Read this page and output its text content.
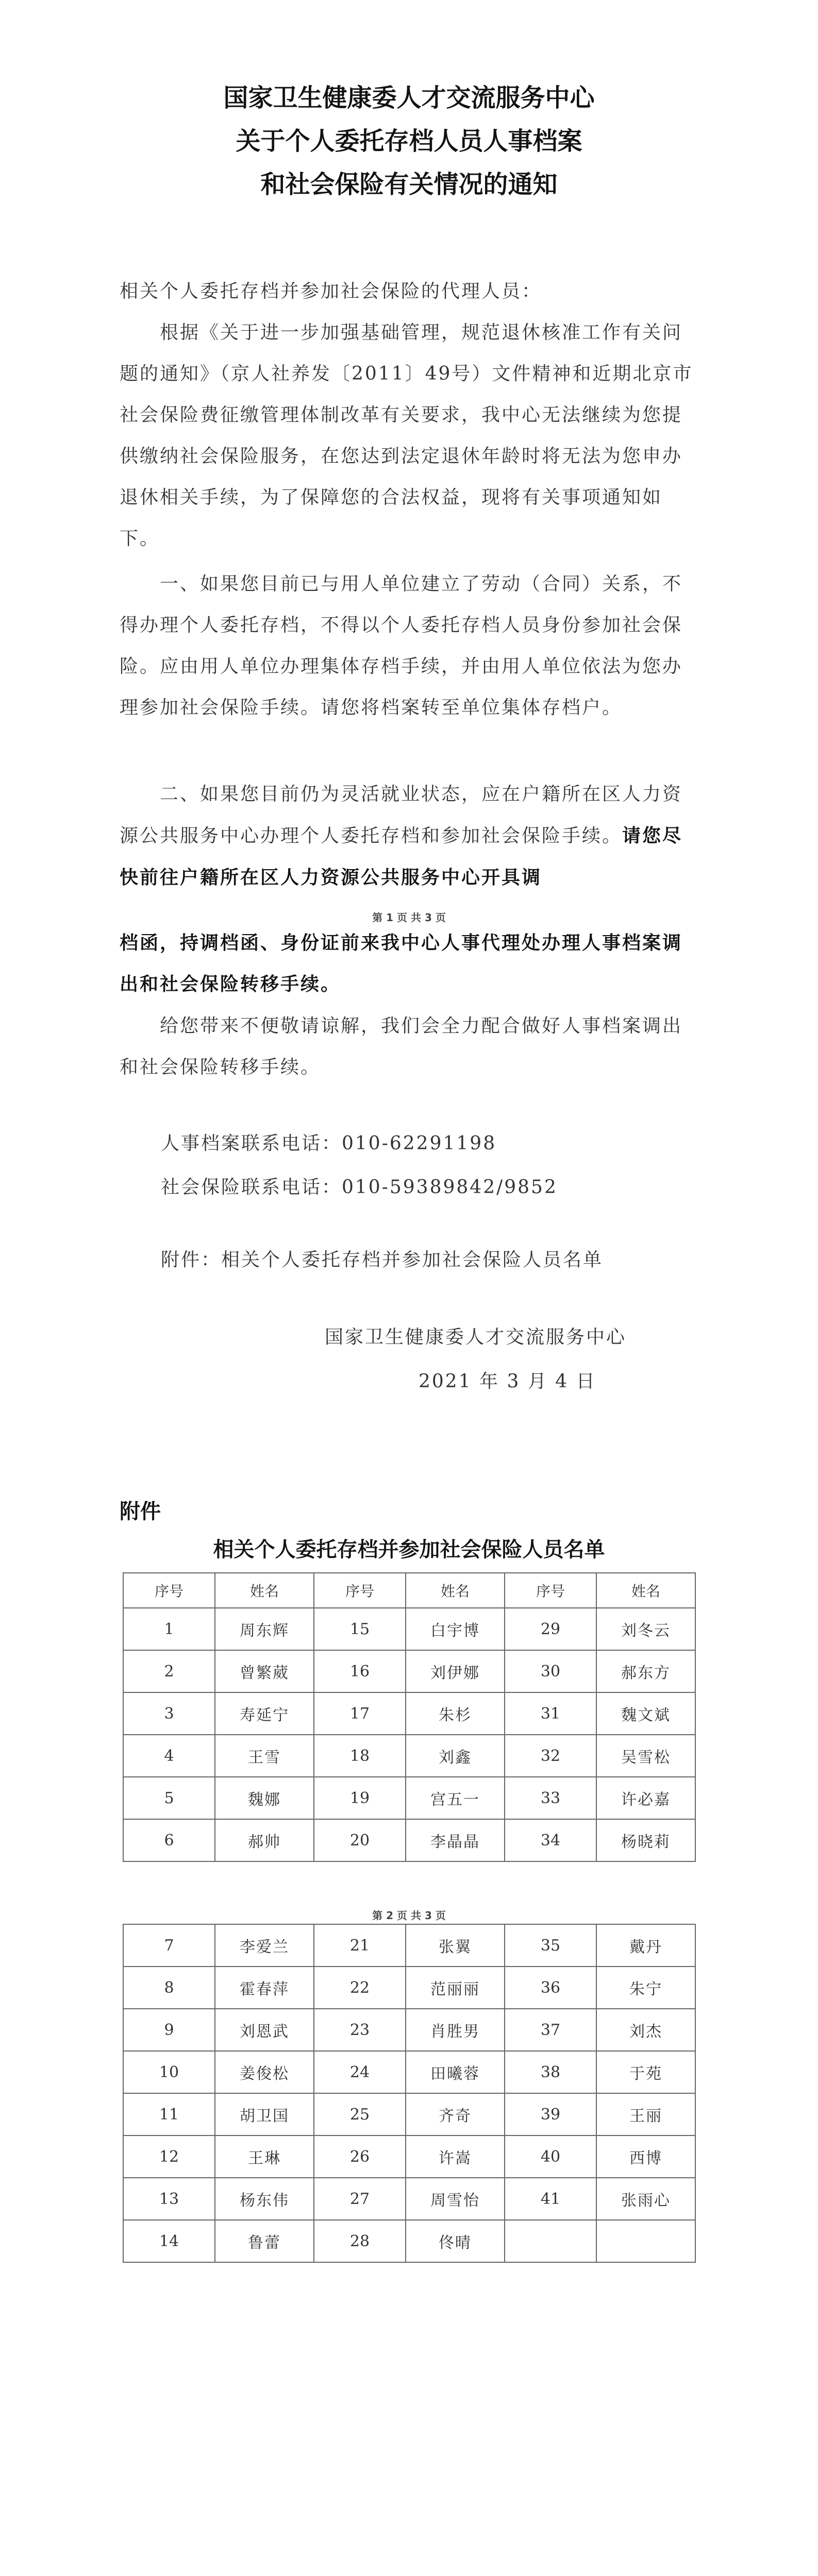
国家卫生健康委人才交流服务中心
关于个人委托存档人员人事档案
和社会保险有关情况的通知
相关个人委托存档并参加社会保险的代理人员：
根据《关于进一步加强基础管理，规范退休核准工作有关问题的通知》（京人社养发〔2011〕49号）文件精神和近期北京市社会保险费征缴管理体制改革有关要求，我中心无法继续为您提供缴纳社会保险服务，在您达到法定退休年龄时将无法为您申办退休相关手续，为了保障您的合法权益，现将有关事项通知如下。
一、如果您目前已与用人单位建立了劳动（合同）关系，不得办理个人委托存档，不得以个人委托存档人员身份参加社会保险。应由用人单位办理集体存档手续，并由用人单位依法为您办理参加社会保险手续。请您将档案转至单位集体存档户。
二、如果您目前仍为灵活就业状态，应在户籍所在区人力资源公共服务中心办理个人委托存档和参加社会保险手续。请您尽快前往户籍所在区人力资源公共服务中心开具调
第 1 页 共 3 页
档函，持调档函、身份证前来我中心人事代理处办理人事档案调出和社会保险转移手续。
给您带来不便敬请谅解，我们会全力配合做好人事档案调出和社会保险转移手续。
人事档案联系电话：010-62291198
社会保险联系电话：010-59389842/9852
附件：相关个人委托存档并参加社会保险人员名单
国家卫生健康委人才交流服务中心
2021 年 3 月 4 日
附件
相关个人委托存档并参加社会保险人员名单
序号	姓名	序号	姓名	序号	姓名
1	周东辉	15	白宇博	29	刘冬云
2	曾繁葳	16	刘伊娜	30	郝东方
3	寿延宁	17	朱杉	31	魏文斌
4	王雪	18	刘鑫	32	吴雪松
5	魏娜	19	宫五一	33	许必嘉
6	郝帅	20	李晶晶	34	杨晓莉
第 2 页 共 3 页
7	李爱兰	21	张翼	35	戴丹
8	霍春萍	22	范丽丽	36	朱宁
9	刘恩武	23	肖胜男	37	刘杰
10	姜俊松	24	田曦蓉	38	于苑
11	胡卫国	25	齐奇	39	王丽
12	王琳	26	许嵩	40	西博
13	杨东伟	27	周雪怡	41	张雨心
14	鲁蕾	28	佟晴		
